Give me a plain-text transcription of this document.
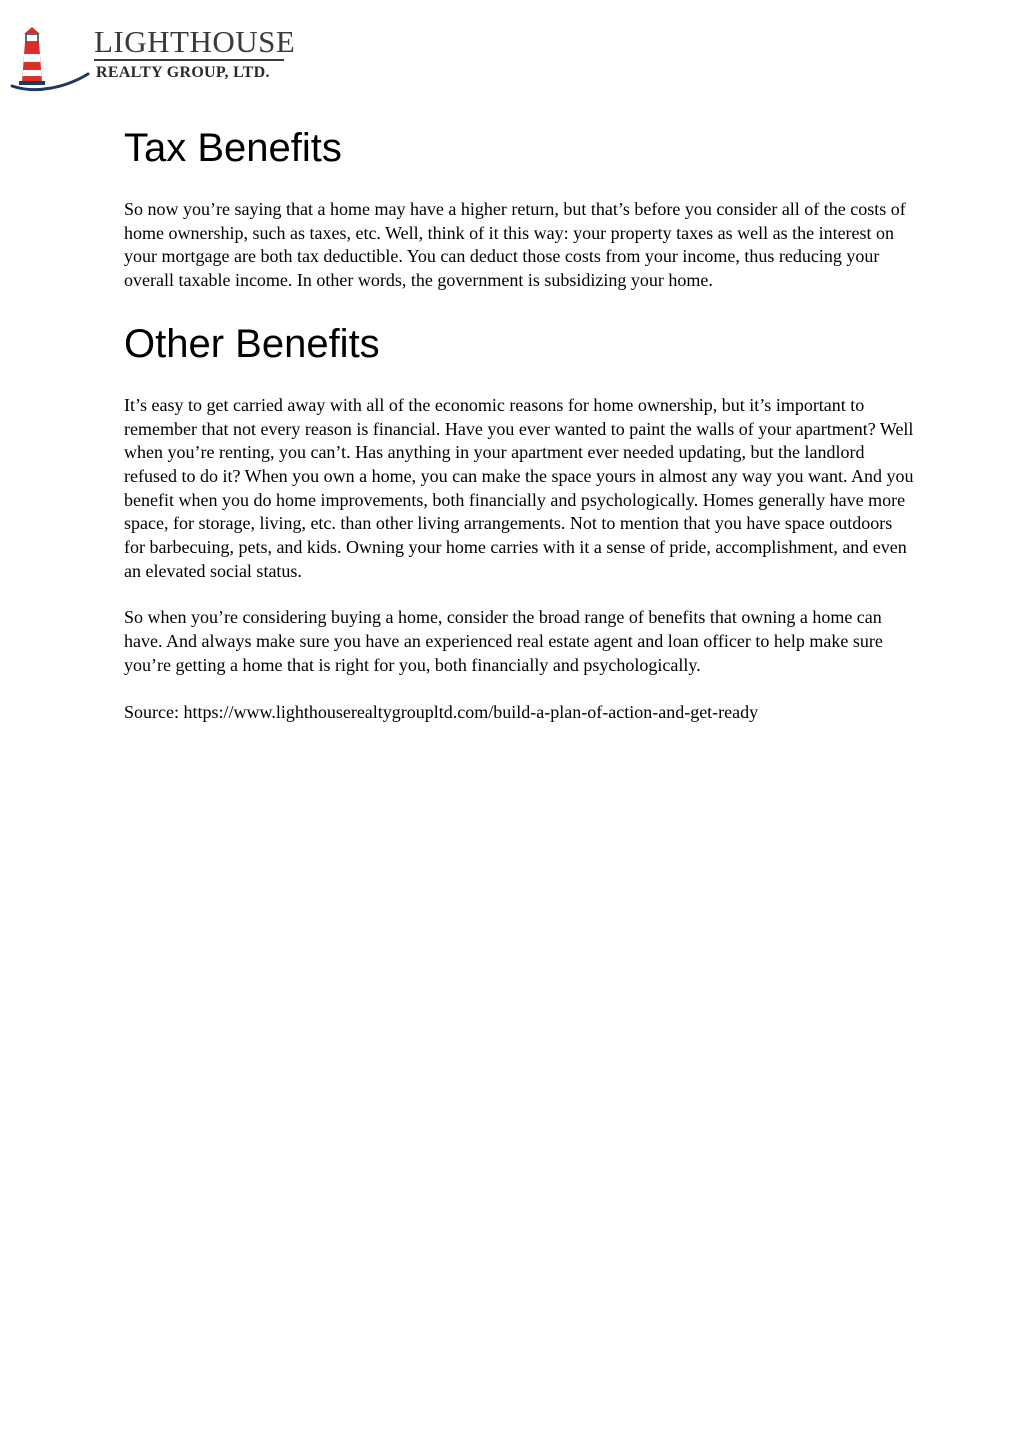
LIGHTHOUSE
REALTY GROUP, LTD.
Tax Benefits

So now you’re saying that a home may have a higher return, but that’s before you consider all of the costs of home ownership, such as taxes, etc. Well, think of it this way: your property taxes as well as the interest on your mortgage are both tax deductible. You can deduct those costs from your income, thus reducing your overall taxable income. In other words, the government is subsidizing your home.

Other Benefits

It’s easy to get carried away with all of the economic reasons for home ownership, but it’s important to remember that not every reason is financial. Have you ever wanted to paint the walls of your apartment? Well when you’re renting, you can’t. Has anything in your apartment ever needed updating, but the landlord refused to do it? When you own a home, you can make the space yours in almost any way you want. And you benefit when you do home improvements, both financially and psychologically. Homes generally have more space, for storage, living, etc. than other living arrangements. Not to mention that you have space outdoors for barbecuing, pets, and kids. Owning your home carries with it a sense of pride, accomplishment, and even an elevated social status.

So when you’re considering buying a home, consider the broad range of benefits that owning a home can have. And always make sure you have an experienced real estate agent and loan officer to help make sure you’re getting a home that is right for you, both financially and psychologically.

Source: https://www.lighthouserealtygroupltd.com/build-a-plan-of-action-and-get-ready
